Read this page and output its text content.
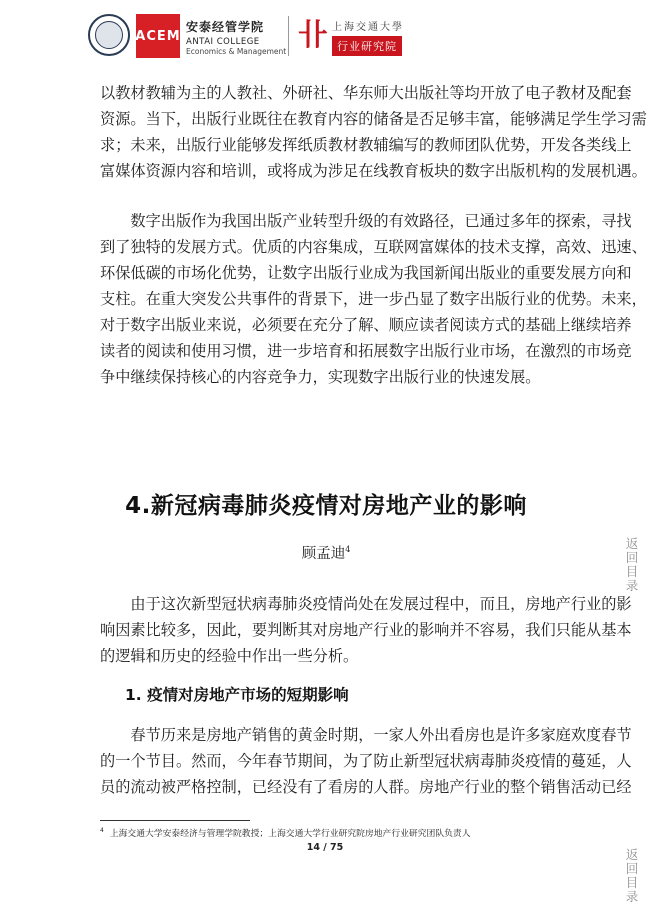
ACEM
安泰经管学院
ANTAI COLLEGE
Economics & Management 卝 上海交通大學
行业研究院
以教材教辅为主的人教社、外研社、华东师大出版社等均开放了电子教材及配套
资源。当下，出版行业既往在教育内容的储备是否足够丰富，能够满足学生学习需
求；未来，出版行业能够发挥纸质教材教辅编写的教师团队优势，开发各类线上
富媒体资源内容和培训，或将成为涉足在线教育板块的数字出版机构的发展机遇。
　　数字出版作为我国出版产业转型升级的有效路径，已通过多年的探索，寻找
到了独特的发展方式。优质的内容集成，互联网富媒体的技术支撑，高效、迅速、
环保低碳的市场化优势，让数字出版行业成为我国新闻出版业的重要发展方向和
支柱。在重大突发公共事件的背景下，进一步凸显了数字出版行业的优势。未来，
对于数字出版业来说，必须要在充分了解、顺应读者阅读方式的基础上继续培养
读者的阅读和使用习惯，进一步培育和拓展数字出版行业市场，在激烈的市场竞
争中继续保持核心的内容竞争力，实现数字出版行业的快速发展。
4.新冠病毒肺炎疫情对房地产业的影响
顾孟迪$^4$
　　由于这次新型冠状病毒肺炎疫情尚处在发展过程中，而且，房地产行业的影
响因素比较多，因此，要判断其对房地产行业的影响并不容易，我们只能从基本
的逻辑和历史的经验中作出一些分析。
1. 疫情对房地产市场的短期影响
　　春节历来是房地产销售的黄金时期，一家人外出看房也是许多家庭欢度春节
的一个节目。然而，今年春节期间，为了防止新型冠状病毒肺炎疫情的蔓延，人
员的流动被严格控制，已经没有了看房的人群。房地产行业的整个销售活动已经
$^4$ 上海交通大学安泰经济与管理学院教授；上海交通大学行业研究院房地产行业研究团队负责人
14 / 75
返回目录
返回目录
